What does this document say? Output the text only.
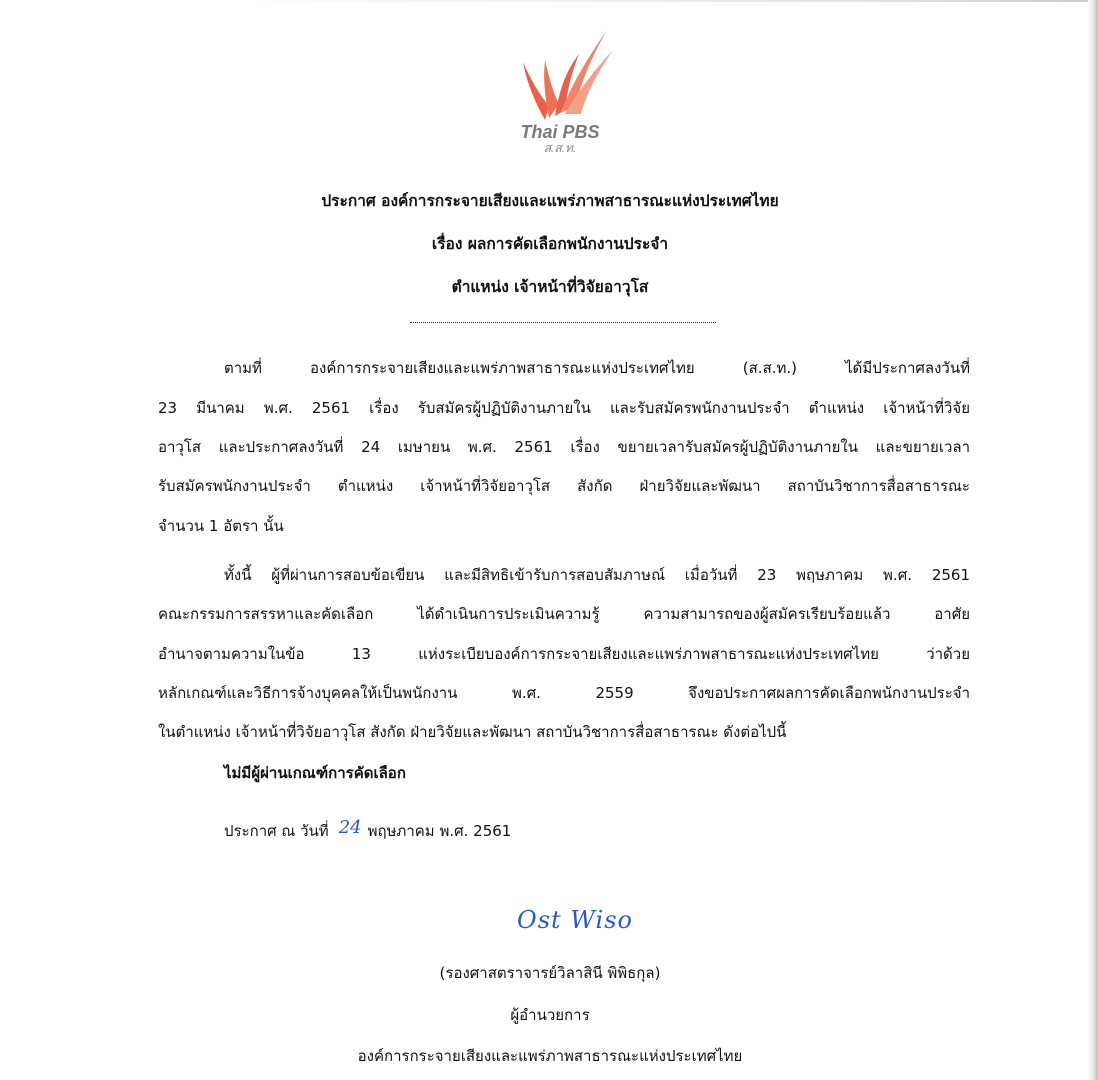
Thai PBS
ส.ส.ท.
ประกาศ องค์การกระจายเสียงและแพร่ภาพสาธารณะแห่งประเทศไทย
เรื่อง ผลการคัดเลือกพนักงานประจำ
ตำแหน่ง เจ้าหน้าที่วิจัยอาวุโส
ตามที่ องค์การกระจายเสียงและแพร่ภาพสาธารณะแห่งประเทศไทย (ส.ส.ท.) ได้มีประกาศลงวันที่
23 มีนาคม พ.ศ. 2561 เรื่อง รับสมัครผู้ปฏิบัติงานภายใน และรับสมัครพนักงานประจำ ตำแหน่ง เจ้าหน้าที่วิจัย
อาวุโส และประกาศลงวันที่ 24 เมษายน พ.ศ. 2561 เรื่อง ขยายเวลารับสมัครผู้ปฏิบัติงานภายใน และขยายเวลา
รับสมัครพนักงานประจำ ตำแหน่ง เจ้าหน้าที่วิจัยอาวุโส สังกัด ฝ่ายวิจัยและพัฒนา สถาบันวิชาการสื่อสาธารณะ
จำนวน 1 อัตรา นั้น
ทั้งนี้ ผู้ที่ผ่านการสอบข้อเขียน และมีสิทธิเข้ารับการสอบสัมภาษณ์ เมื่อวันที่ 23 พฤษภาคม พ.ศ. 2561
คณะกรรมการสรรหาและคัดเลือก ได้ดำเนินการประเมินความรู้ ความสามารถของผู้สมัครเรียบร้อยแล้ว อาศัย
อำนาจตามความในข้อ 13 แห่งระเบียบองค์การกระจายเสียงและแพร่ภาพสาธารณะแห่งประเทศไทย ว่าด้วย
หลักเกณฑ์และวิธีการจ้างบุคคลให้เป็นพนักงาน พ.ศ. 2559 จึงขอประกาศผลการคัดเลือกพนักงานประจำ
ในตำแหน่ง เจ้าหน้าที่วิจัยอาวุโส สังกัด ฝ่ายวิจัยและพัฒนา สถาบันวิชาการสื่อสาธารณะ ดังต่อไปนี้
ไม่มีผู้ผ่านเกณฑ์การคัดเลือก
ประกาศ ณ วันที่ 24 พฤษภาคม พ.ศ. 2561
Ost Wiso
(รองศาสตราจารย์วิลาสินี พิพิธกุล)
ผู้อำนวยการ
องค์การกระจายเสียงและแพร่ภาพสาธารณะแห่งประเทศไทย
